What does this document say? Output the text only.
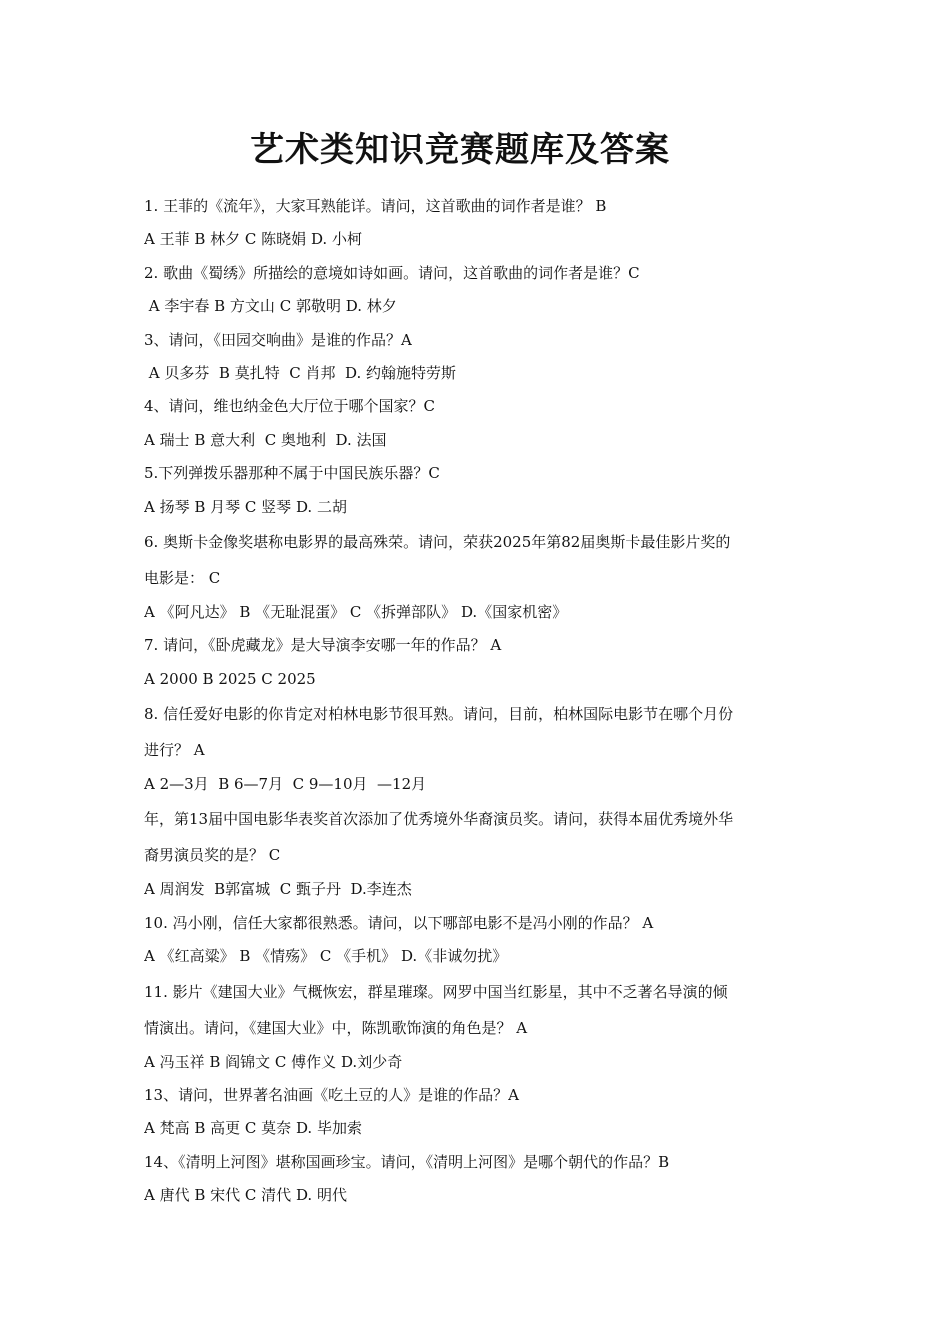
艺术类知识竞赛题库及答案
1. 王菲的《流年》，大家耳熟能详。请问，这首歌曲的词作者是谁？ B
A 王菲 B 林夕 C 陈晓娟 D. 小柯
2. 歌曲《蜀绣》所描绘的意境如诗如画。请问，这首歌曲的词作者是谁？C
A 李宇春 B 方文山 C 郭敬明 D. 林夕
3、请问，《田园交响曲》是谁的作品？A
A 贝多芬  B 莫扎特  C 肖邦  D. 约翰施特劳斯
4、请问，维也纳金色大厅位于哪个国家？C
A 瑞士 B 意大利  C 奥地利  D. 法国
5.下列弹拨乐器那种不属于中国民族乐器？C
A 扬琴 B 月琴 C 竖琴 D. 二胡
6. 奥斯卡金像奖堪称电影界的最高殊荣。请问，荣获2025年第82届奥斯卡最佳影片奖的
电影是： C
A 《阿凡达》 B 《无耻混蛋》 C 《拆弹部队》 D.《国家机密》
7. 请问，《卧虎藏龙》是大导演李安哪一年的作品？ A
A 2000 B 2025 C 2025
8. 信任爱好电影的你肯定对柏林电影节很耳熟。请问，目前，柏林国际电影节在哪个月份
进行？ A
A 2—3月  B 6—7月  C 9—10月  —12月
年，第13届中国电影华表奖首次添加了优秀境外华裔演员奖。请问，获得本届优秀境外华
裔男演员奖的是？ C
A 周润发  B郭富城  C 甄子丹  D.李连杰
10. 冯小刚，信任大家都很熟悉。请问，以下哪部电影不是冯小刚的作品？ A
A 《红高粱》 B 《情殇》 C 《手机》 D.《非诚勿扰》
11. 影片《建国大业》气概恢宏，群星璀璨。网罗中国当红影星，其中不乏著名导演的倾
情演出。请问，《建国大业》中，陈凯歌饰演的角色是？ A
A 冯玉祥 B 阎锦文 C 傅作义 D.刘少奇
13、请问，世界著名油画《吃土豆的人》是谁的作品？A
A 梵高 B 高更 C 莫奈 D. 毕加索
14、《清明上河图》堪称国画珍宝。请问，《清明上河图》是哪个朝代的作品？B
A 唐代 B 宋代 C 清代 D. 明代
